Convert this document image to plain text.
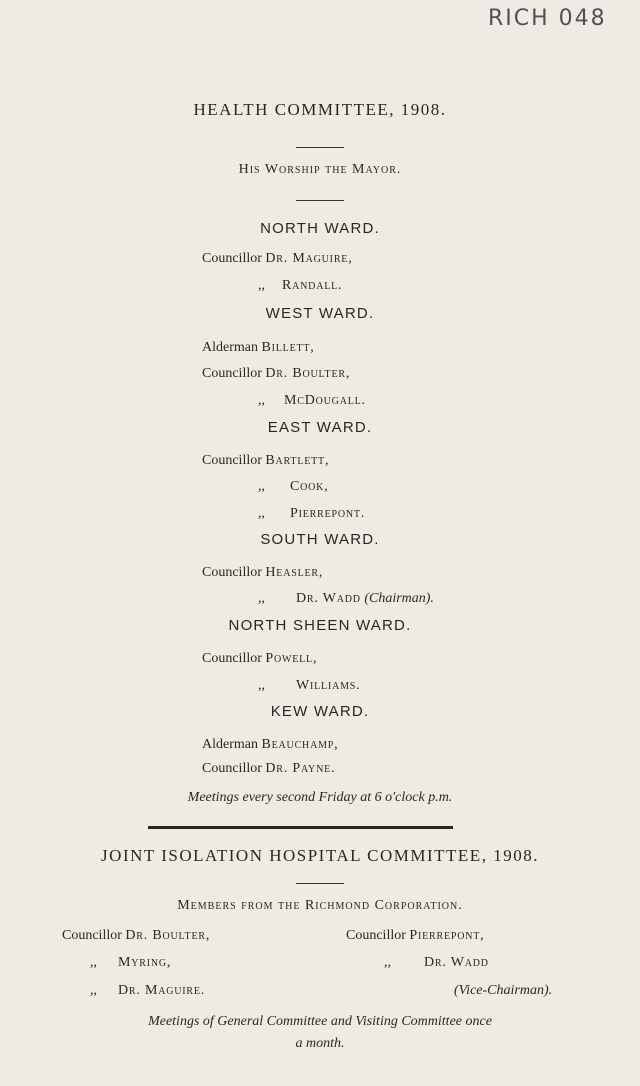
RICH 048
HEALTH COMMITTEE, 1908.
His Worship the Mayor.
NORTH WARD.
Councillor Dr. Maguire,
,, Randall.
WEST WARD.
Alderman Billett,
Councillor Dr. Boulter,
,, McDougall.
EAST WARD.
Councillor Bartlett,
,, Cook,
,, Pierrepont.
SOUTH WARD.
Councillor Heasler,
,, Dr. Wadd (Chairman).
NORTH SHEEN WARD.
Councillor Powell,
,, Williams.
KEW WARD.
Alderman Beauchamp,
Councillor Dr. Payne.
Meetings every second Friday at 6 o'clock p.m.
JOINT ISOLATION HOSPITAL COMMITTEE, 1908.
Members from the Richmond Corporation.
Councillor Dr. Boulter,
,, Myring,
,, Dr. Maguire.
Councillor Pierrepont,
,, Dr. Wadd
(Vice-Chairman).
Meetings of General Committee and Visiting Committee once
a month.
